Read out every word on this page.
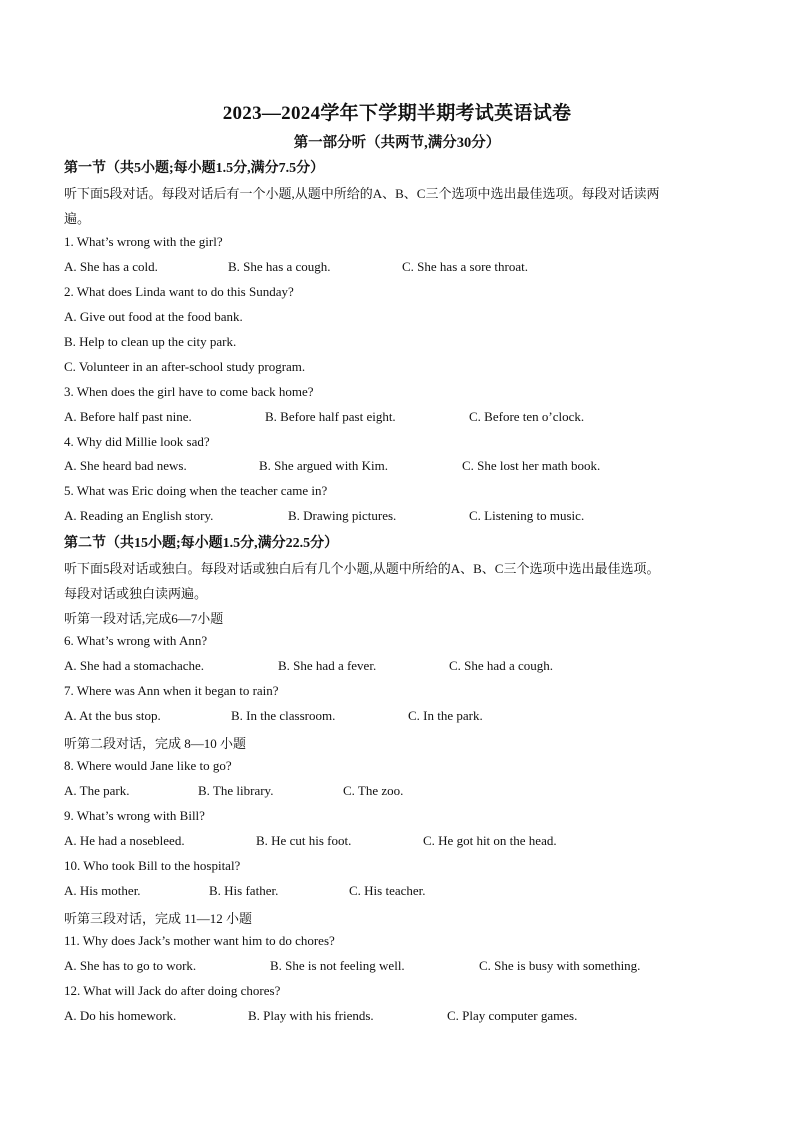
2023—2024学年下学期半期考试英语试卷
第一部分听（共两节,满分30分）
第一节（共5小题;每小题1.5分,满分7.5分）
听下面5段对话。每段对话后有一个小题,从题中所给的A、B、C三个选项中选出最佳选项。每段对话读两
遍。
1. What’s wrong with the girl?
A. She has a cold.	B. She has a cough.	C. She has a sore throat.
2. What does Linda want to do this Sunday?
A. Give out food at the food bank.
B. Help to clean up the city park.
C. Volunteer in an after-school study program.
3. When does the girl have to come back home?
A. Before half past nine.	B. Before half past eight.	C. Before ten o’clock.
4. Why did Millie look sad?
A. She heard bad news.	B. She argued with Kim.	C. She lost her math book.
5. What was Eric doing when the teacher came in?
A. Reading an English story.	B. Drawing pictures.	C. Listening to music.
第二节（共15小题;每小题1.5分,满分22.5分）
听下面5段对话或独白。每段对话或独白后有几个小题,从题中所给的A、B、C三个选项中选出最佳选项。
每段对话或独白读两遍。
听第一段对话,完成6—7小题
6. What’s wrong with Ann?
A. She had a stomachache.	B. She had a fever.	C. She had a cough.
7. Where was Ann when it began to rain?
A. At the bus stop.	B. In the classroom.	C. In the park.
听第二段对话，完成 8—10 小题
8. Where would Jane like to go?
A. The park.	B. The library.	C. The zoo.
9. What’s wrong with Bill?
A. He had a nosebleed.	B. He cut his foot.	C. He got hit on the head.
10. Who took Bill to the hospital?
A. His mother.	B. His father.	C. His teacher.
听第三段对话，完成 11—12 小题
11. Why does Jack’s mother want him to do chores?
A. She has to go to work.	B. She is not feeling well.	C. She is busy with something.
12. What will Jack do after doing chores?
A. Do his homework.	B. Play with his friends.	C. Play computer games.
